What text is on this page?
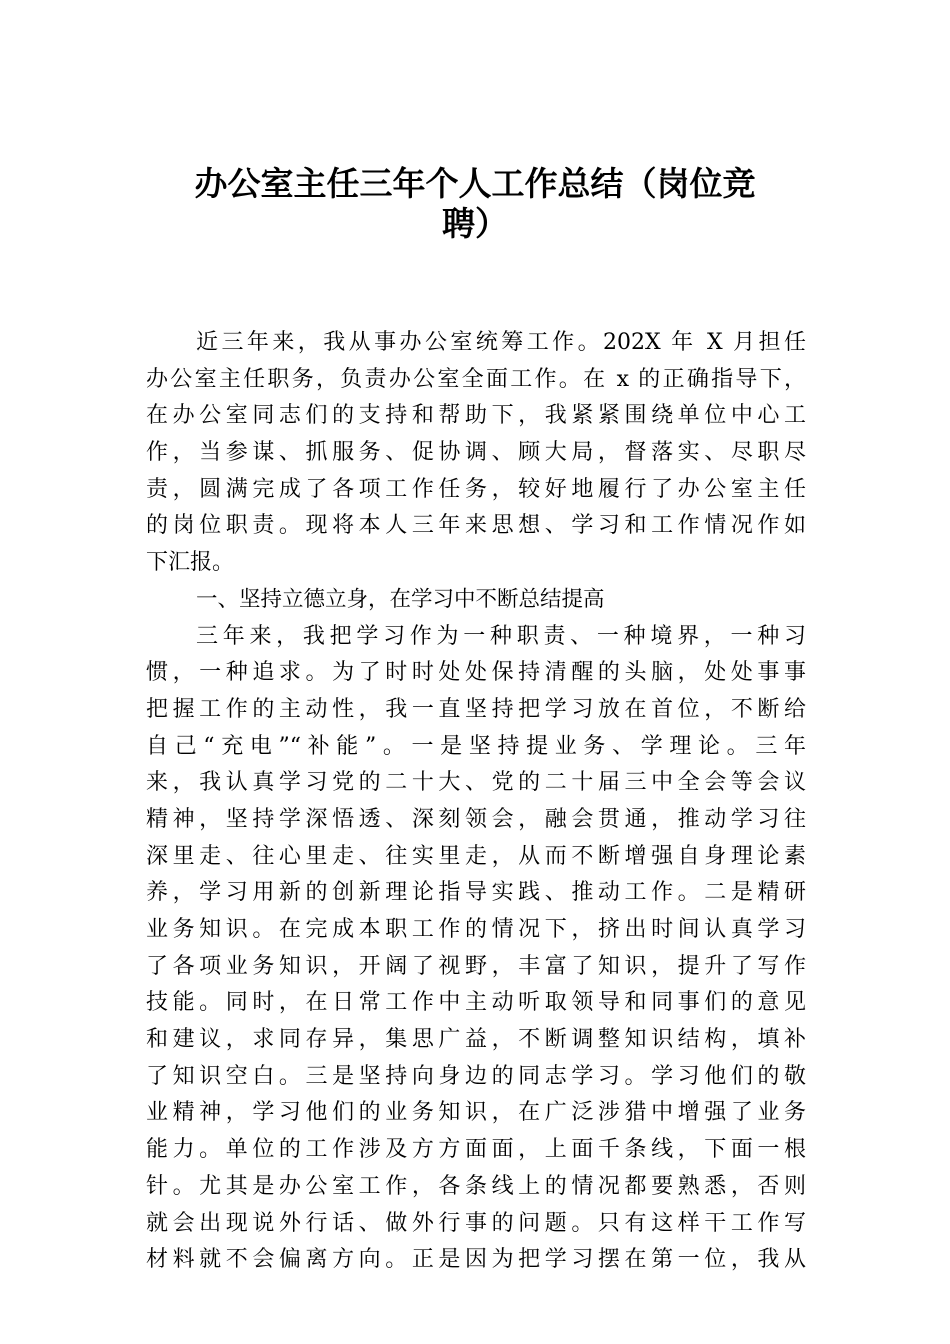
办公室主任三年个人工作总结（岗位竞
聘）
近三年来，我从事办公室统筹工作。202X 年 X 月担任
办公室主任职务，负责办公室全面工作。在 x 的正确指导下，
在办公室同志们的支持和帮助下，我紧紧围绕单位中心工
作，当参谋、抓服务、促协调、顾大局，督落实、尽职尽
责，圆满完成了各项工作任务，较好地履行了办公室主任
的岗位职责。现将本人三年来思想、学习和工作情况作如
下汇报。
一、坚持立德立身，在学习中不断总结提高
三年来，我把学习作为一种职责、一种境界，一种习
惯，一种追求。为了时时处处保持清醒的头脑，处处事事
把握工作的主动性，我一直坚持把学习放在首位，不断给
自己“充电”“补能”。一是坚持提业务、学理论。三年
来，我认真学习党的二十大、党的二十届三中全会等会议
精神，坚持学深悟透、深刻领会，融会贯通，推动学习往
深里走、往心里走、往实里走，从而不断增强自身理论素
养，学习用新的创新理论指导实践、推动工作。二是精研
业务知识。在完成本职工作的情况下，挤出时间认真学习
了各项业务知识，开阔了视野，丰富了知识，提升了写作
技能。同时，在日常工作中主动听取领导和同事们的意见
和建议，求同存异，集思广益，不断调整知识结构，填补
了知识空白。三是坚持向身边的同志学习。学习他们的敬
业精神，学习他们的业务知识，在广泛涉猎中增强了业务
能力。单位的工作涉及方方面面，上面千条线，下面一根
针。尤其是办公室工作，各条线上的情况都要熟悉，否则
就会出现说外行话、做外行事的问题。只有这样干工作写
材料就不会偏离方向。正是因为把学习摆在第一位，我从
